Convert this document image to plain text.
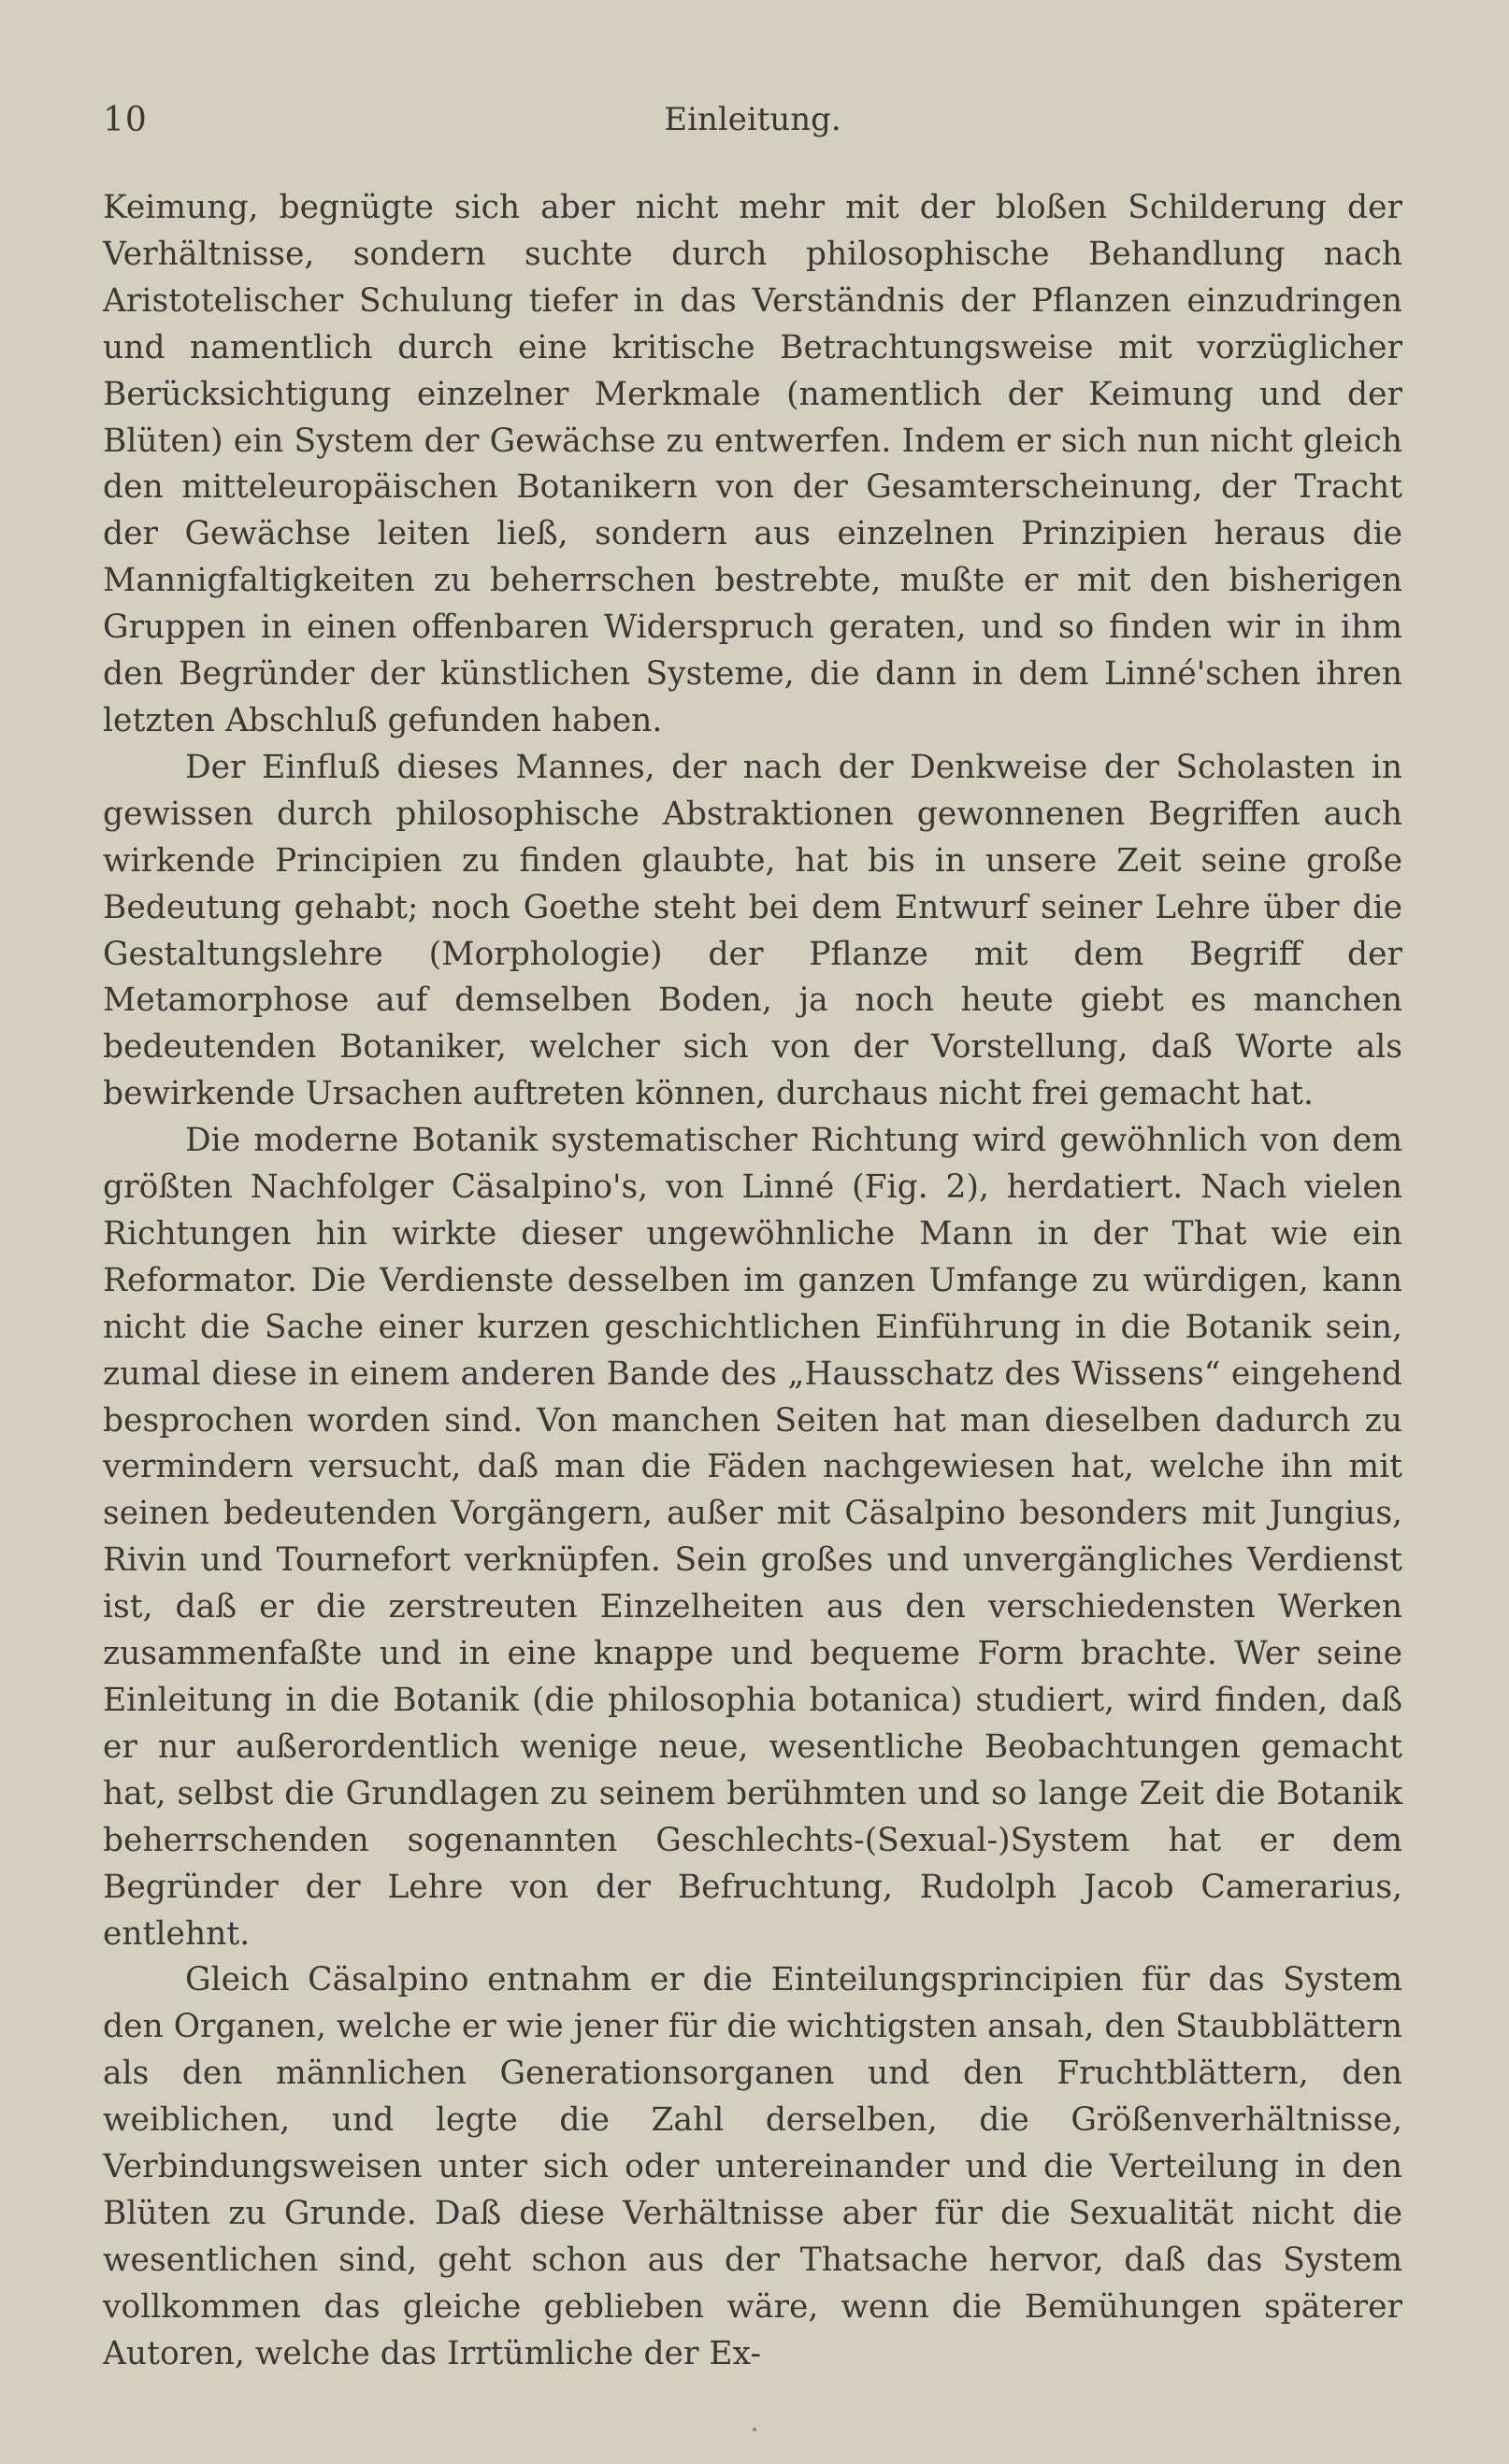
10	Einleitung.

Keimung, begnügte sich aber nicht mehr mit der bloßen Schilderung der Verhältnisse, sondern suchte durch philosophische Behandlung nach Aristotelischer Schulung tiefer in das Verständnis der Pflanzen einzudringen und namentlich durch eine kritische Betrachtungsweise mit vorzüglicher Berücksichtigung einzelner Merkmale (namentlich der Keimung und der Blüten) ein System der Gewächse zu entwerfen. Indem er sich nun nicht gleich den mitteleuropäischen Botanikern von der Gesamterscheinung, der Tracht der Gewächse leiten ließ, sondern aus einzelnen Prinzipien heraus die Mannigfaltigkeiten zu beherrschen bestrebte, mußte er mit den bisherigen Gruppen in einen offenbaren Widerspruch geraten, und so finden wir in ihm den Begründer der künstlichen Systeme, die dann in dem Linné'schen ihren letzten Abschluß gefunden haben.

Der Einfluß dieses Mannes, der nach der Denkweise der Scholasten in gewissen durch philosophische Abstraktionen gewonnenen Begriffen auch wirkende Principien zu finden glaubte, hat bis in unsere Zeit seine große Bedeutung gehabt; noch Goethe steht bei dem Entwurf seiner Lehre über die Gestaltungslehre (Morphologie) der Pflanze mit dem Begriff der Metamorphose auf demselben Boden, ja noch heute giebt es manchen bedeutenden Botaniker, welcher sich von der Vorstellung, daß Worte als bewirkende Ursachen auftreten können, durchaus nicht frei gemacht hat.

Die moderne Botanik systematischer Richtung wird gewöhnlich von dem größten Nachfolger Cäsalpino's, von Linné (Fig. 2), herdatiert. Nach vielen Richtungen hin wirkte dieser ungewöhnliche Mann in der That wie ein Reformator. Die Verdienste desselben im ganzen Umfange zu würdigen, kann nicht die Sache einer kurzen geschichtlichen Einführung in die Botanik sein, zumal diese in einem anderen Bande des „Hausschatz des Wissens“ eingehend besprochen worden sind. Von manchen Seiten hat man dieselben dadurch zu vermindern versucht, daß man die Fäden nachgewiesen hat, welche ihn mit seinen bedeutenden Vorgängern, außer mit Cäsalpino besonders mit Jungius, Rivin und Tournefort verknüpfen. Sein großes und unvergängliches Verdienst ist, daß er die zerstreuten Einzelheiten aus den verschiedensten Werken zusammenfaßte und in eine knappe und bequeme Form brachte. Wer seine Einleitung in die Botanik (die philosophia botanica) studiert, wird finden, daß er nur außerordentlich wenige neue, wesentliche Beobachtungen gemacht hat, selbst die Grundlagen zu seinem berühmten und so lange Zeit die Botanik beherrschenden sogenannten Geschlechts-(Sexual-)System hat er dem Begründer der Lehre von der Befruchtung, Rudolph Jacob Camerarius, entlehnt.

Gleich Cäsalpino entnahm er die Einteilungsprincipien für das System den Organen, welche er wie jener für die wichtigsten ansah, den Staubblättern als den männlichen Generationsorganen und den Fruchtblättern, den weiblichen, und legte die Zahl derselben, die Größenverhältnisse, Verbindungsweisen unter sich oder untereinander und die Verteilung in den Blüten zu Grunde. Daß diese Verhältnisse aber für die Sexualität nicht die wesentlichen sind, geht schon aus der Thatsache hervor, daß das System vollkommen das gleiche geblieben wäre, wenn die Bemühungen späterer Autoren, welche das Irrtümliche der Ex-
